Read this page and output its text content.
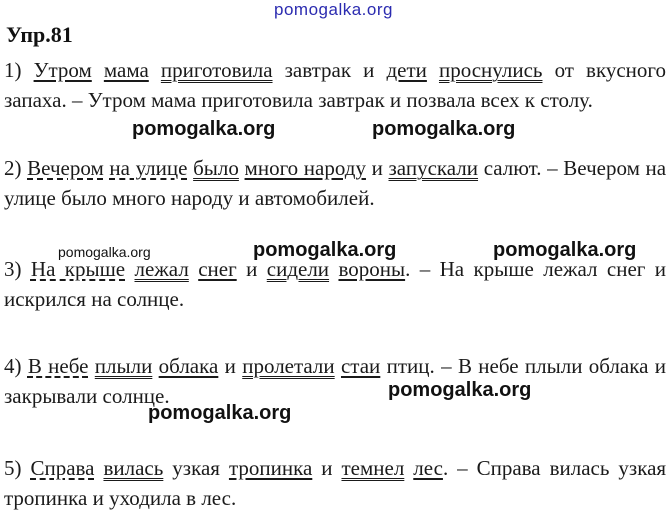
pomogalka.org
Упр.81
1) Утром мама приготовила завтрак и дети проснулись от вкусного запаха. – Утром мама приготовила завтрак и позвала всех к столу.
2) Вечером на улице было много народу и запускали салют. – Вечером на улице было много народу и автомобилей.
3) На крыше лежал снег и сидели вороны. – На крыше лежал снег и искрился на солнце.
4) В небе плыли облака и пролетали стаи птиц. – В небе плыли облака и закрывали солнце.
5) Справа вилась узкая тропинка и темнел лес. – Справа вилась узкая тропинка и уходила в лес.
pomogalka.org	pomogalka.org
pomogalka.org	pomogalka.org	pomogalka.org
pomogalka.org
pomogalka.org
